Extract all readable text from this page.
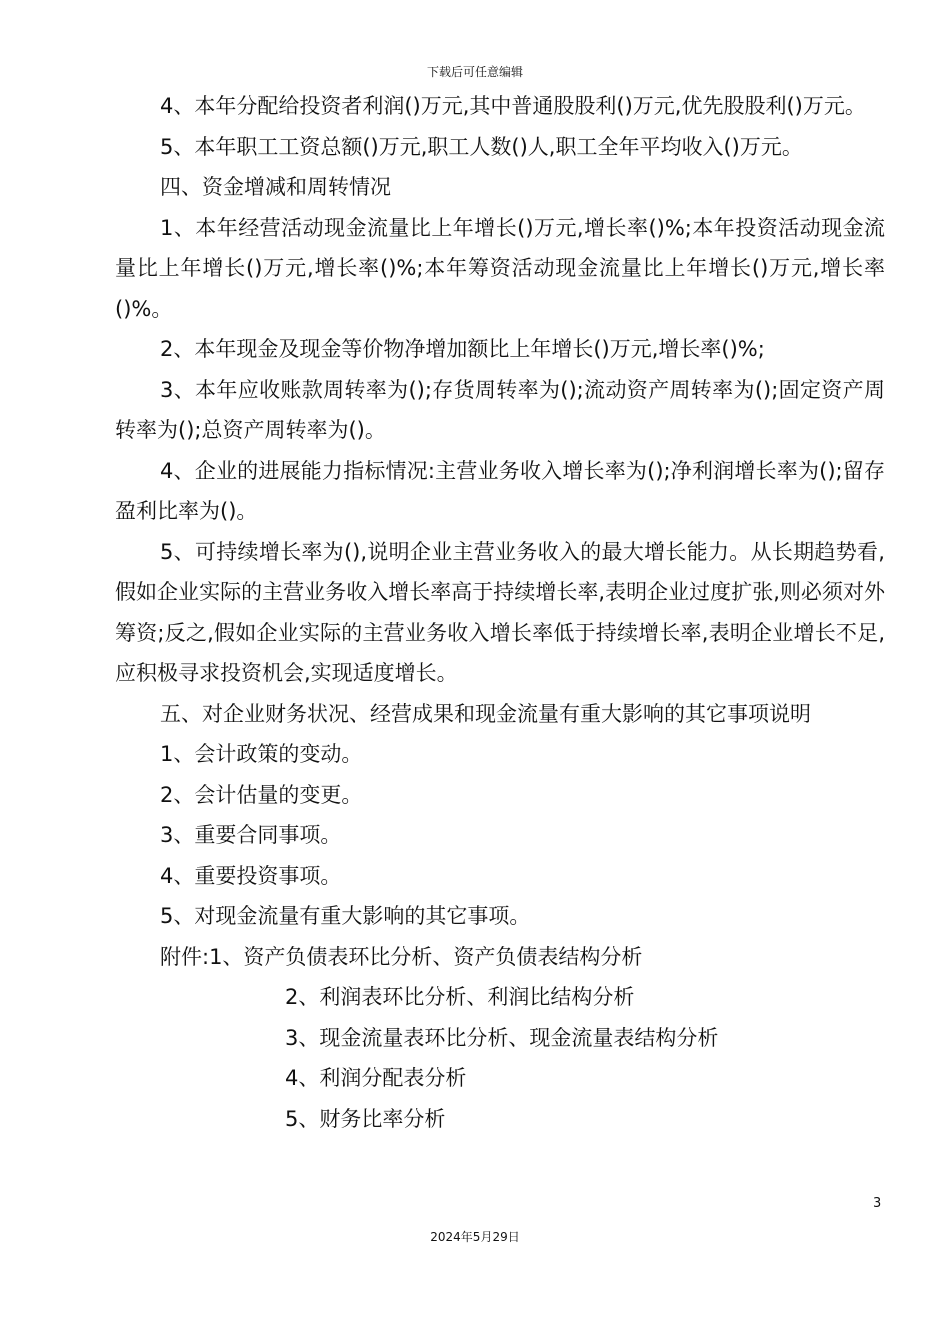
下载后可任意编辑

4、本年分配给投资者利润()万元,其中普通股股利()万元,优先股股利()万元。

5、本年职工工资总额()万元,职工人数()人,职工全年平均收入()万元。

四、资金增减和周转情况

1、本年经营活动现金流量比上年增长()万元,增长率()%;本年投资活动现金流量比上年增长()万元,增长率()%;本年筹资活动现金流量比上年增长()万元,增长率()%。

2、本年现金及现金等价物净增加额比上年增长()万元,增长率()%;

3、本年应收账款周转率为();存货周转率为();流动资产周转率为();固定资产周转率为();总资产周转率为()。

4、企业的进展能力指标情况:主营业务收入增长率为();净利润增长率为();留存盈利比率为()。

5、可持续增长率为(),说明企业主营业务收入的最大增长能力。从长期趋势看,假如企业实际的主营业务收入增长率高于持续增长率,表明企业过度扩张,则必须对外筹资;反之,假如企业实际的主营业务收入增长率低于持续增长率,表明企业增长不足,应积极寻求投资机会,实现适度增长。

五、对企业财务状况、经营成果和现金流量有重大影响的其它事项说明

1、会计政策的变动。

2、会计估量的变更。

3、重要合同事项。

4、重要投资事项。

5、对现金流量有重大影响的其它事项。

附件:1、资产负债表环比分析、资产负债表结构分析

2、利润表环比分析、利润比结构分析

3、现金流量表环比分析、现金流量表结构分析

4、利润分配表分析

5、财务比率分析

3
2024年5月29日
